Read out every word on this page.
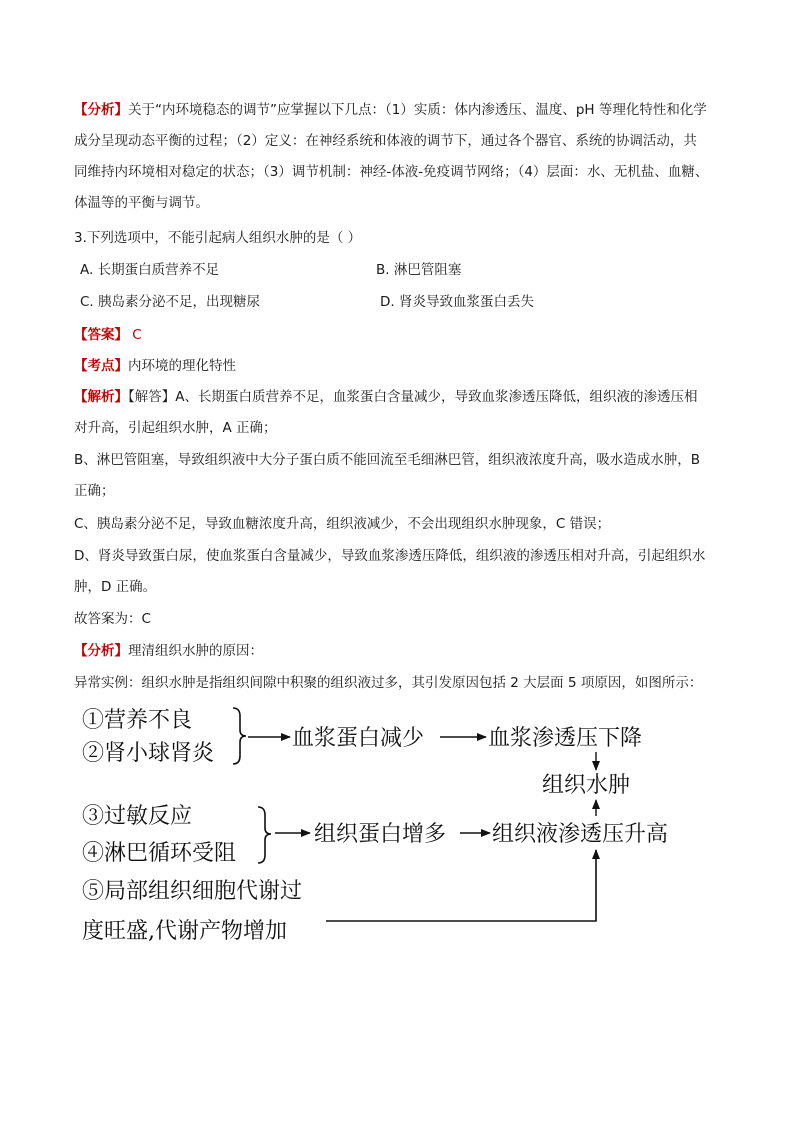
【分析】关于“内环境稳态的调节”应掌握以下几点：（1）实质：体内渗透压、温度、pH 等理化特性和化学
成分呈现动态平衡的过程；（2）定义：在神经系统和体液的调节下，通过各个器官、系统的协调活动，共
同维持内环境相对稳定的状态；（3）调节机制：神经-体液-免疫调节网络；（4）层面：水、无机盐、血糖、
体温等的平衡与调节。
3.下列选项中，不能引起病人组织水肿的是（ ）
A. 长期蛋白质营养不足	B. 淋巴管阻塞
C. 胰岛素分泌不足，出现糖尿	D. 肾炎导致血浆蛋白丢失
【答案】 C
【考点】内环境的理化特性
【解析】【解答】A、长期蛋白质营养不足，血浆蛋白含量减少，导致血浆渗透压降低，组织液的渗透压相
对升高，引起组织水肿，A 正确；
B、淋巴管阻塞，导致组织液中大分子蛋白质不能回流至毛细淋巴管，组织液浓度升高，吸水造成水肿，B
正确；
C、胰岛素分泌不足，导致血糖浓度升高，组织液减少，不会出现组织水肿现象，C 错误；
D、肾炎导致蛋白尿，使血浆蛋白含量减少，导致血浆渗透压降低，组织液的渗透压相对升高，引起组织水
肿，D 正确。
故答案为：C
【分析】理清组织水肿的原因：
异常实例：组织水肿是指组织间隙中积聚的组织液过多，其引发原因包括 2 大层面 5 项原因，如图所示：
①营养不良
②肾小球肾炎
血浆蛋白减少	血浆渗透压下降
组织水肿
③过敏反应
④淋巴循环受阻
组织蛋白增多 组织液渗透压升高
⑤局部组织细胞代谢过
度旺盛,代谢产物增加
